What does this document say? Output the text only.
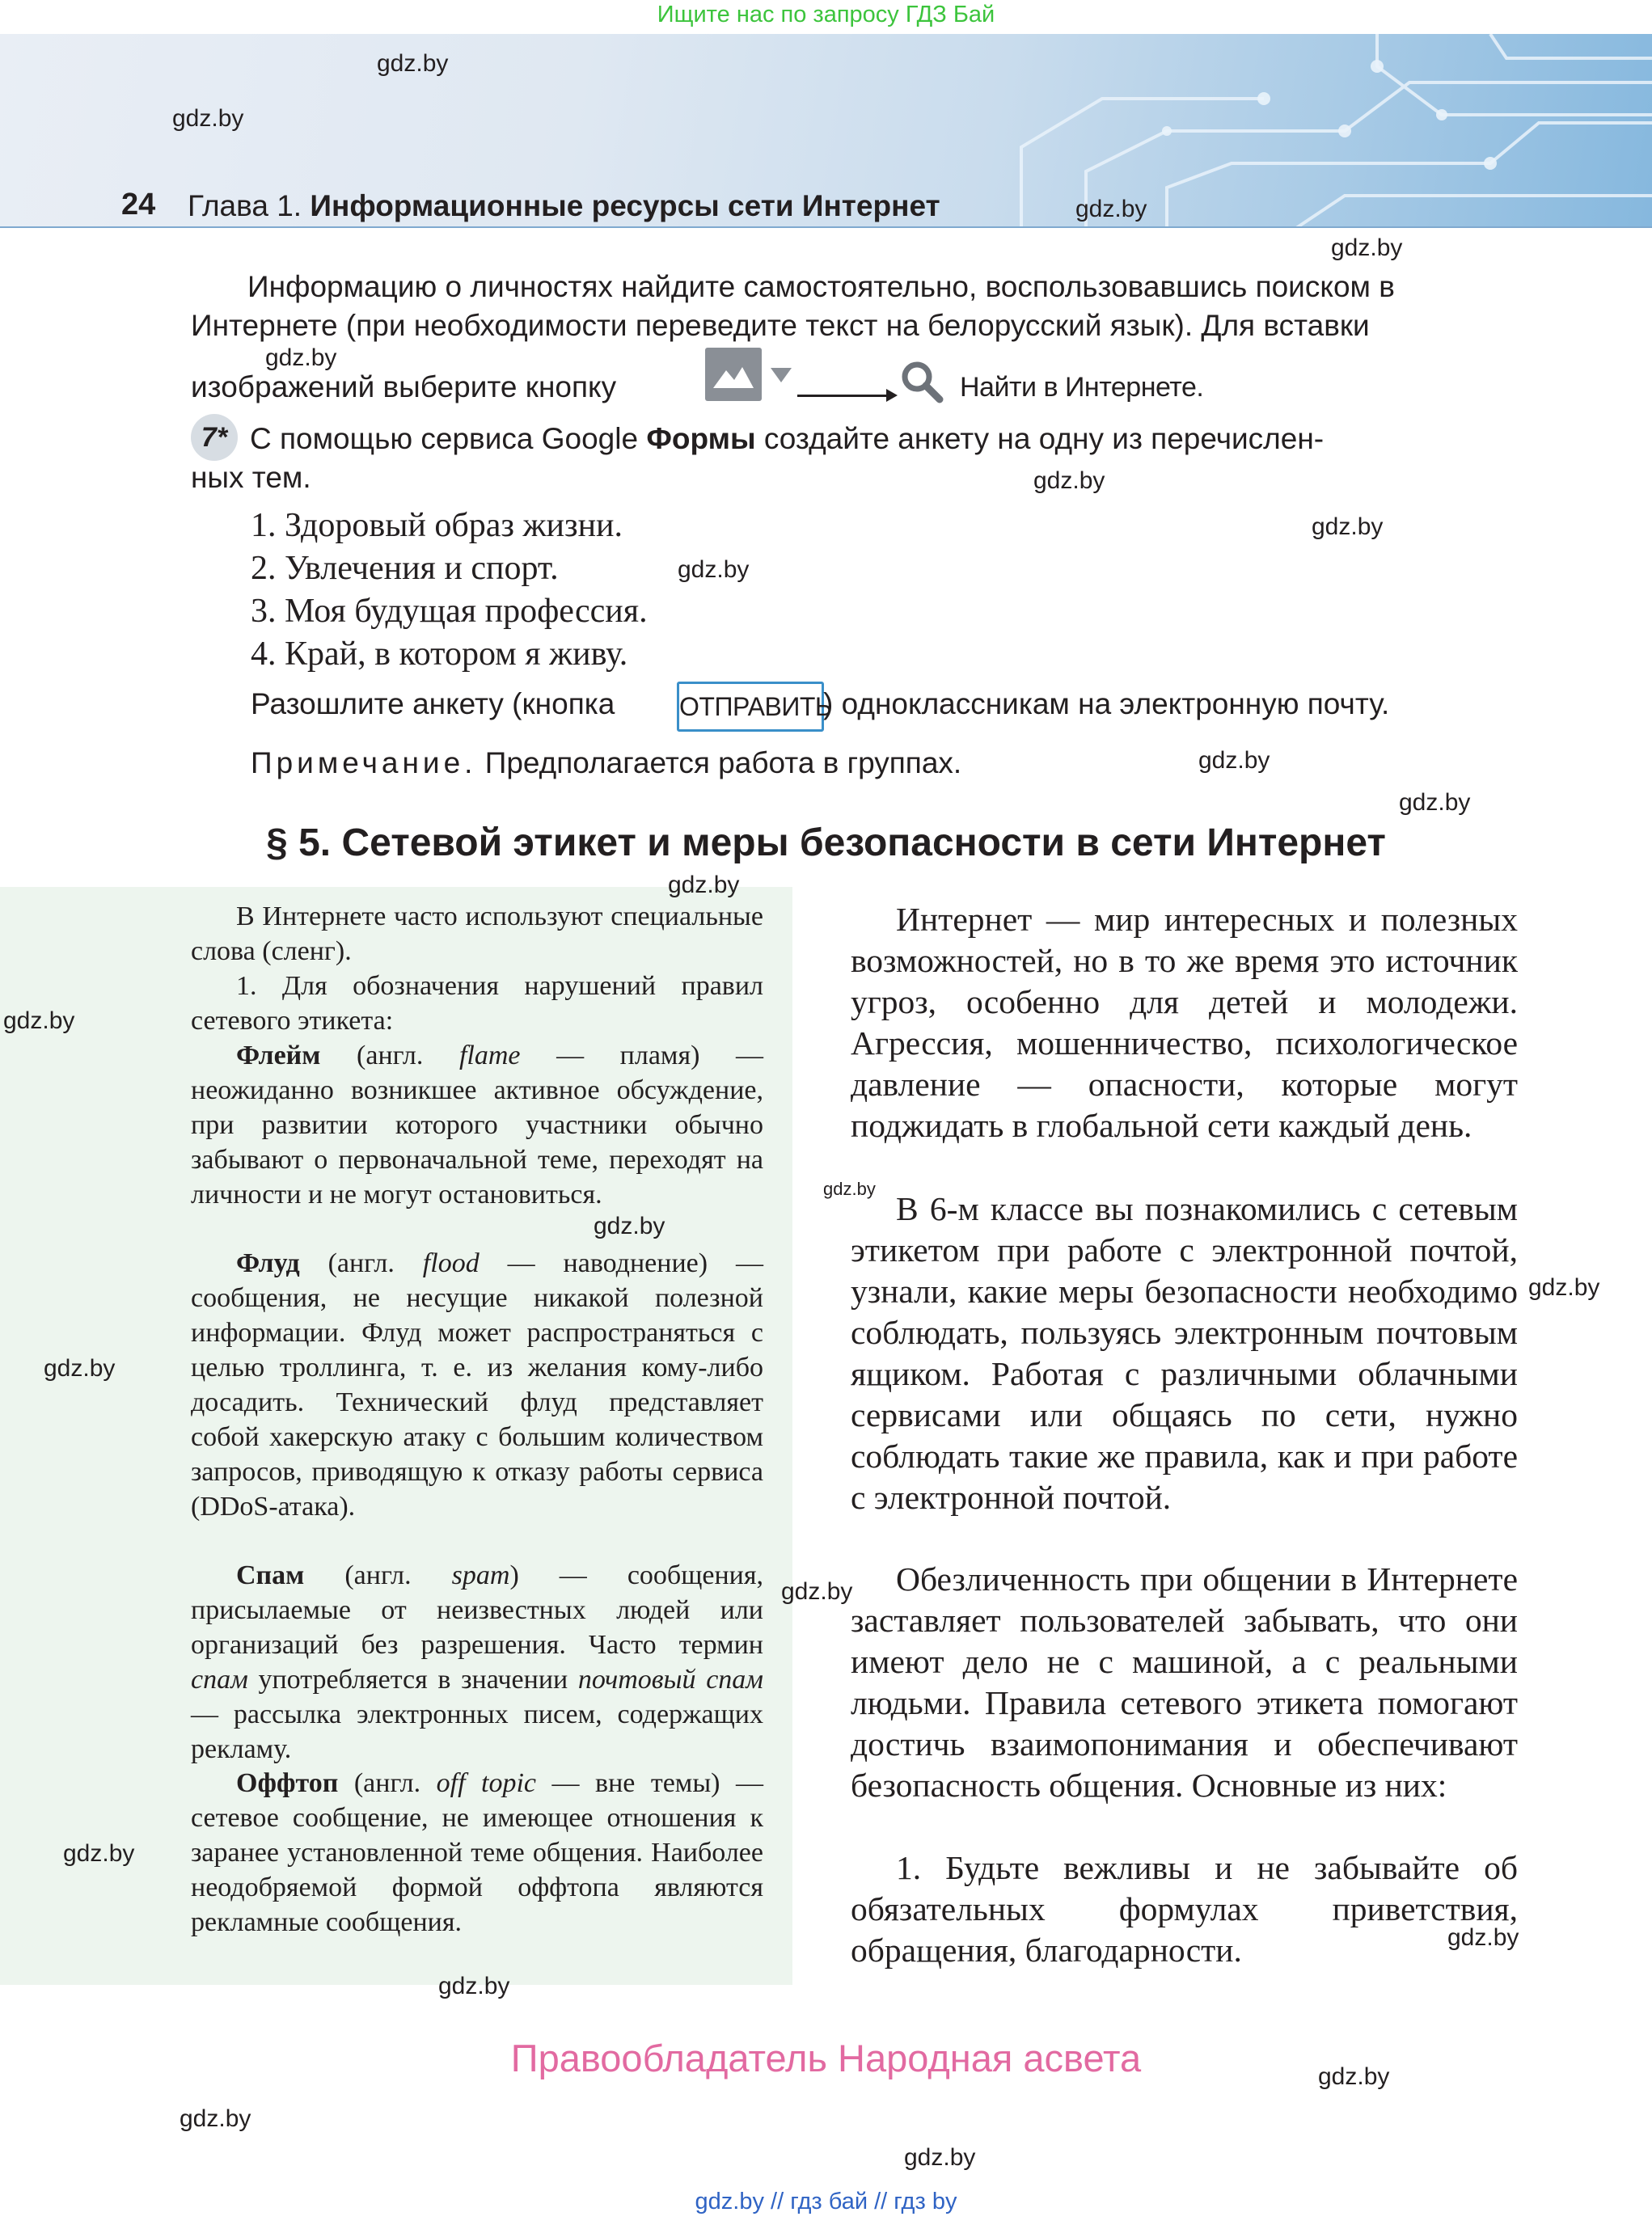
Ищите нас по запросу ГДЗ Бай
24 Глава 1. Информационные ресурсы сети Интернет
Информацию о личностях найдите самостоятельно, воспользовавшись поиском в
Интернете (при необходимости переведите текст на белорусский язык). Для вставки
изображений выберите кнопку	Найти в Интернете.
7* С помощью сервиса Google Формы создайте анкету на одну из перечислен-
ных тем.
1. Здоровый образ жизни.
2. Увлечения и спорт.
3. Моя будущая профессия.
4. Край, в котором я живу.
Разошлите анкету (кнопка ОТПРАВИТЬ
) одноклассникам на электронную почту.
Примечание. Предполагается работа в группах.
§ 5. Сетевой этикет и меры безопасности в сети Интернет
В Интернете часто используют специальные слова (сленг).
1. Для обозначения нарушений правил сетевого этикета:
Флейм (англ. flame — пламя) — неожиданно возникшее активное обсуждение, при развитии которого участники обычно забывают о первоначальной теме, переходят на личности и не могут остановиться.
Флуд (англ. flood — наводнение) — сообщения, не несущие никакой полезной информации. Флуд может распространяться с целью троллинга, т. е. из желания кому-либо досадить. Технический флуд представляет собой хакерскую атаку с большим количеством запросов, приводящую к отказу работы сервиса (DDoS-атака).
Спам (англ. spam) — сообщения, присылаемые от неизвестных людей или организаций без разрешения. Часто термин спам употребляется в значении почтовый спам — рассылка электронных писем, содержащих рекламу.
Оффтоп (англ. off topic — вне темы) — сетевое сообщение, не имеющее отношения к заранее установленной теме общения. Наиболее неодобряемой формой оффтопа являются рекламные сообщения.
Интернет — мир интересных и полезных возможностей, но в то же время это источник угроз, особенно для детей и молодежи. Агрессия, мошенничество, психологическое давление — опасности, которые могут поджидать в глобальной сети каждый день.
В 6-м классе вы познакомились с сетевым этикетом при работе с электронной почтой, узнали, какие меры безопасности необходимо соблюдать, пользуясь электронным почтовым ящиком. Работая с различными облачными сервисами или общаясь по сети, нужно соблюдать такие же правила, как и при работе с электронной почтой.
Обезличенность при общении в Интернете заставляет пользователей забывать, что они имеют дело не с машиной, а с реальными людьми. Правила сетевого этикета помогают достичь взаимопонимания и обеспечивают безопасность общения. Основные из них:
1. Будьте вежливы и не забывайте об обязательных формулах приветствия, обращения, благодарности.
Правообладатель Народная асвета
gdz.by // гдз бай // гдз by
gdz.by
gdz.by
gdz.by
gdz.by
gdz.by
gdz.by
gdz.by
gdz.by
gdz.by
gdz.by
gdz.by
gdz.by
gdz.by
gdz.by
gdz.by
gdz.by
gdz.by
gdz.by
gdz.by
gdz.by
gdz.by
gdz.by
gdz.by
